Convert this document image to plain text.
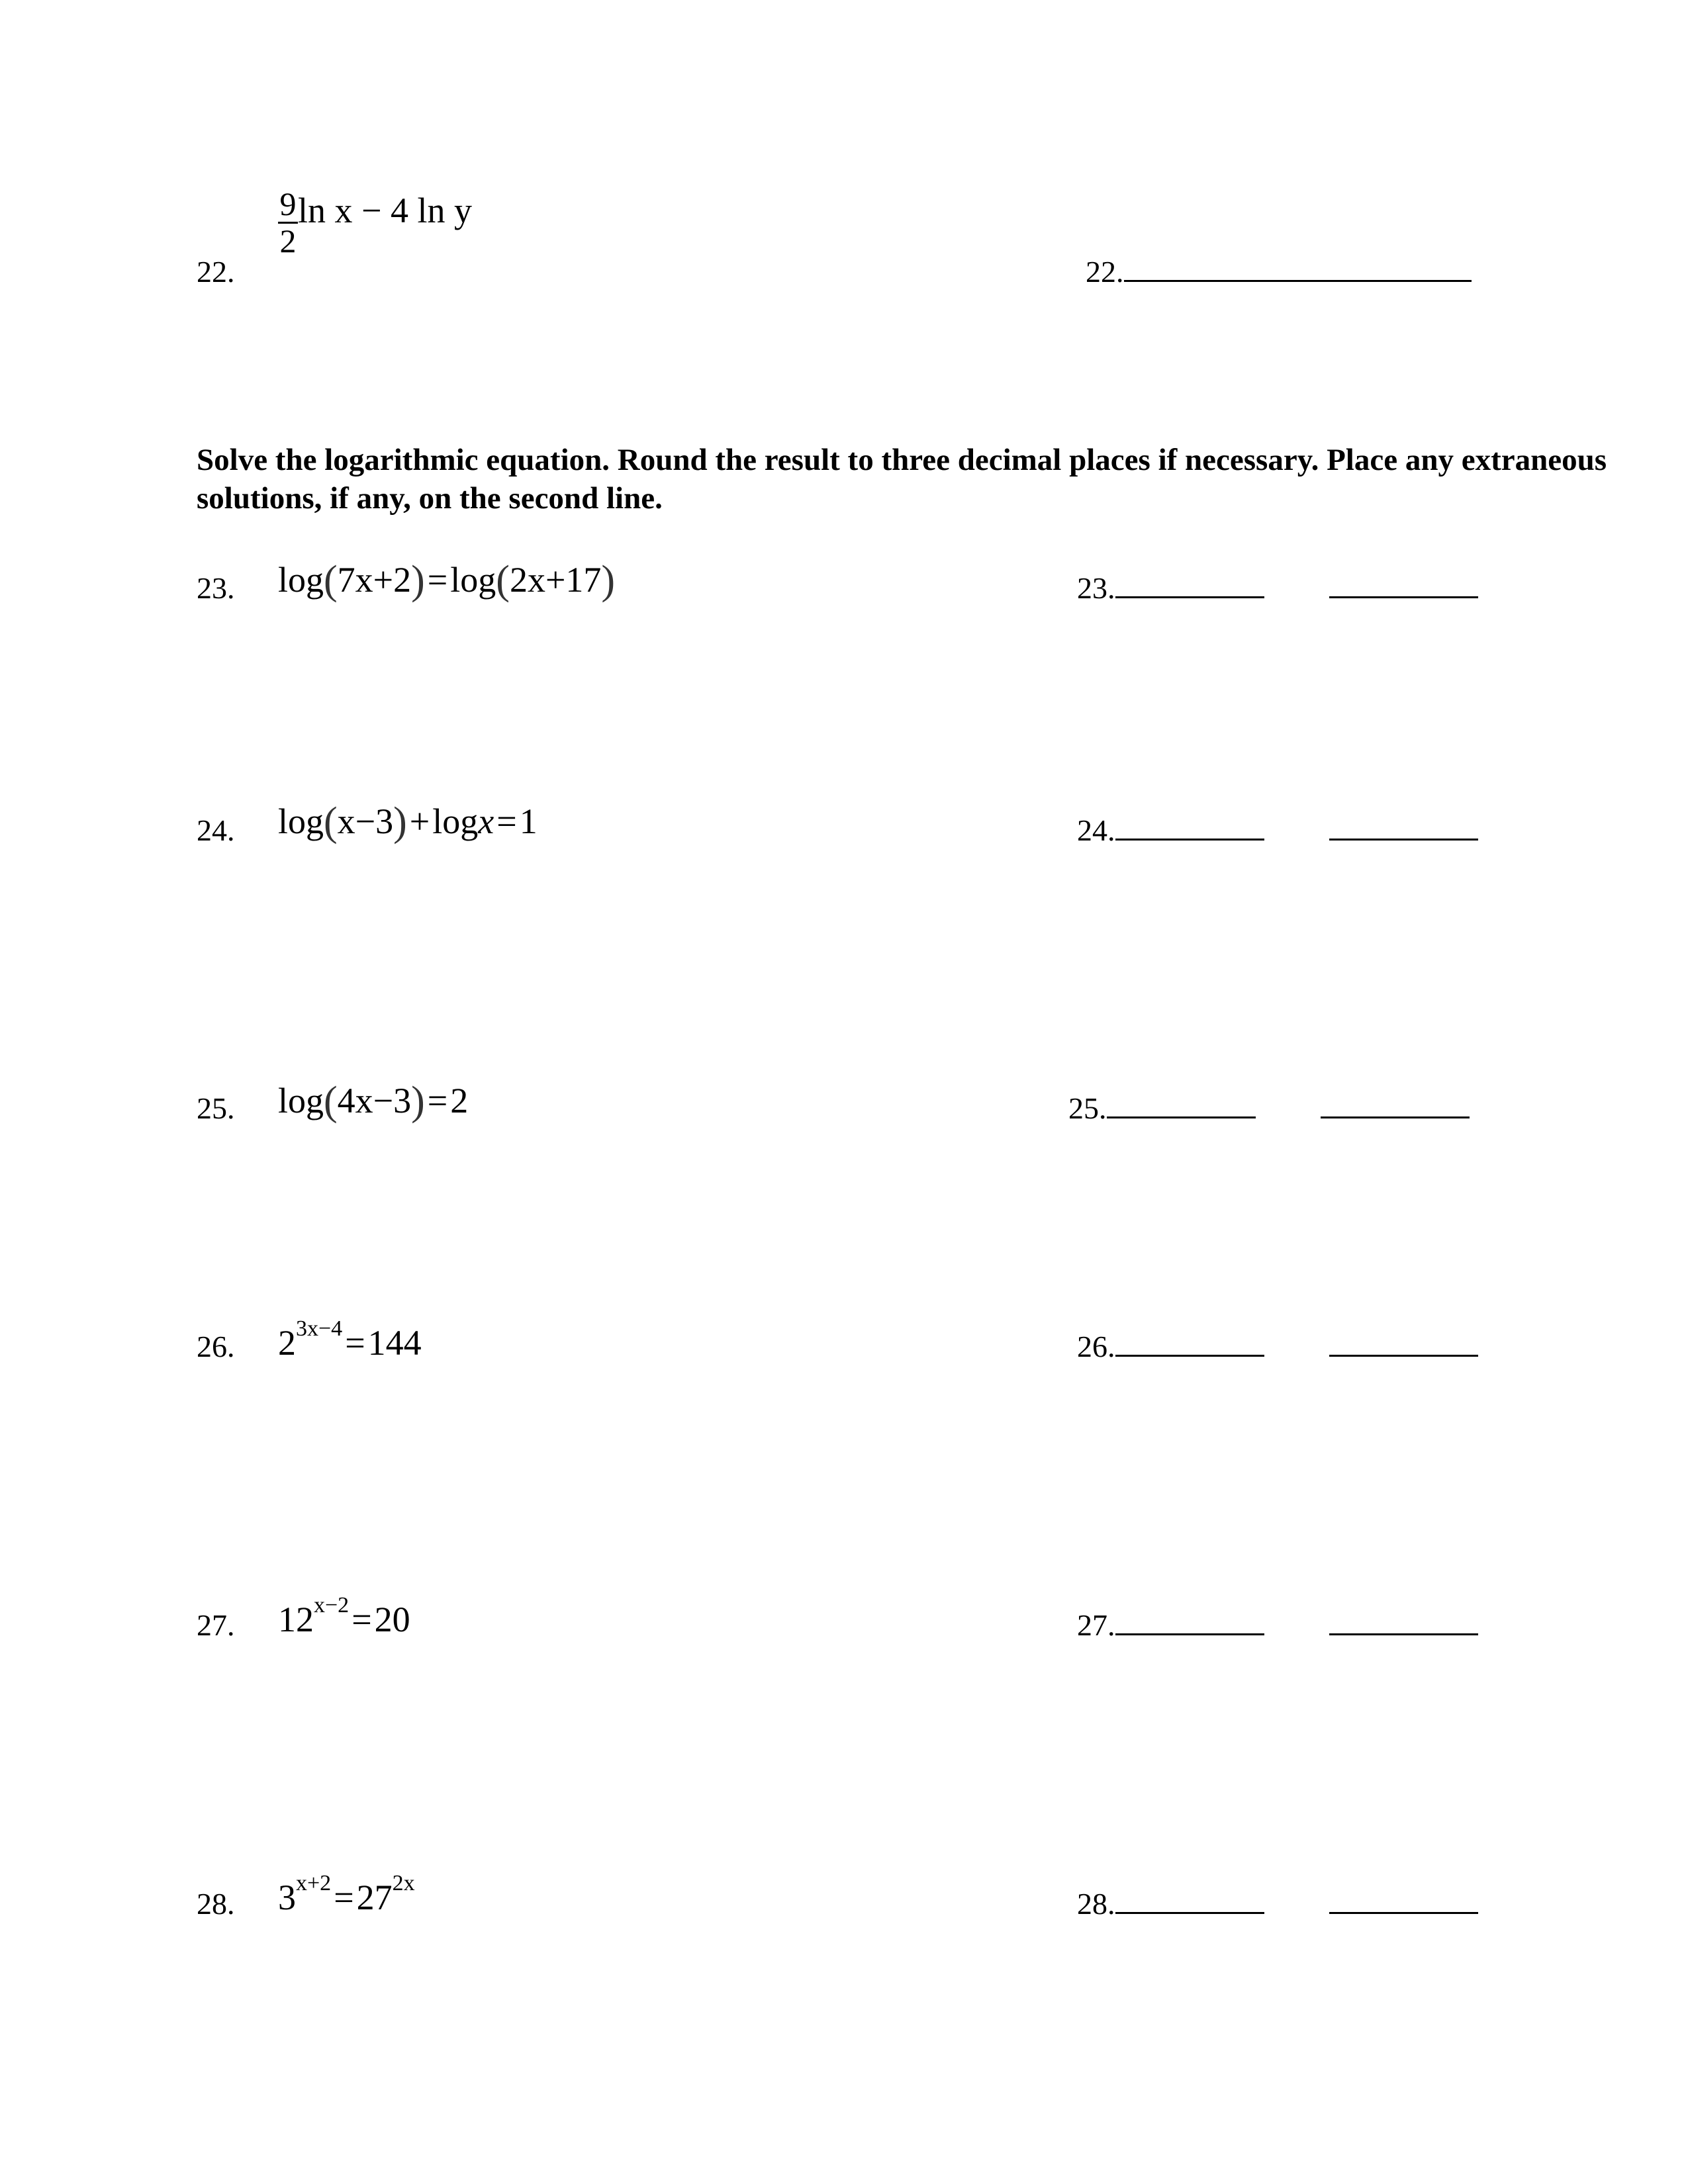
22.
$\frac{9}{2}$ ln x − 4 ln y
22.
Solve the logarithmic equation. Round the result to three decimal places if necessary. Place any extraneous solutions, if any, on the second line.
23. log(7x+2)=log(2x+17)	23.
24. log(x−3)+logx=1	24.
25. log(4x−3)=2	25.
26. $2^{3x-4}=144$	26.
27. $12^{x-2}=20$	27.
28. $3^{x+2}=27^{2x}$
28.
